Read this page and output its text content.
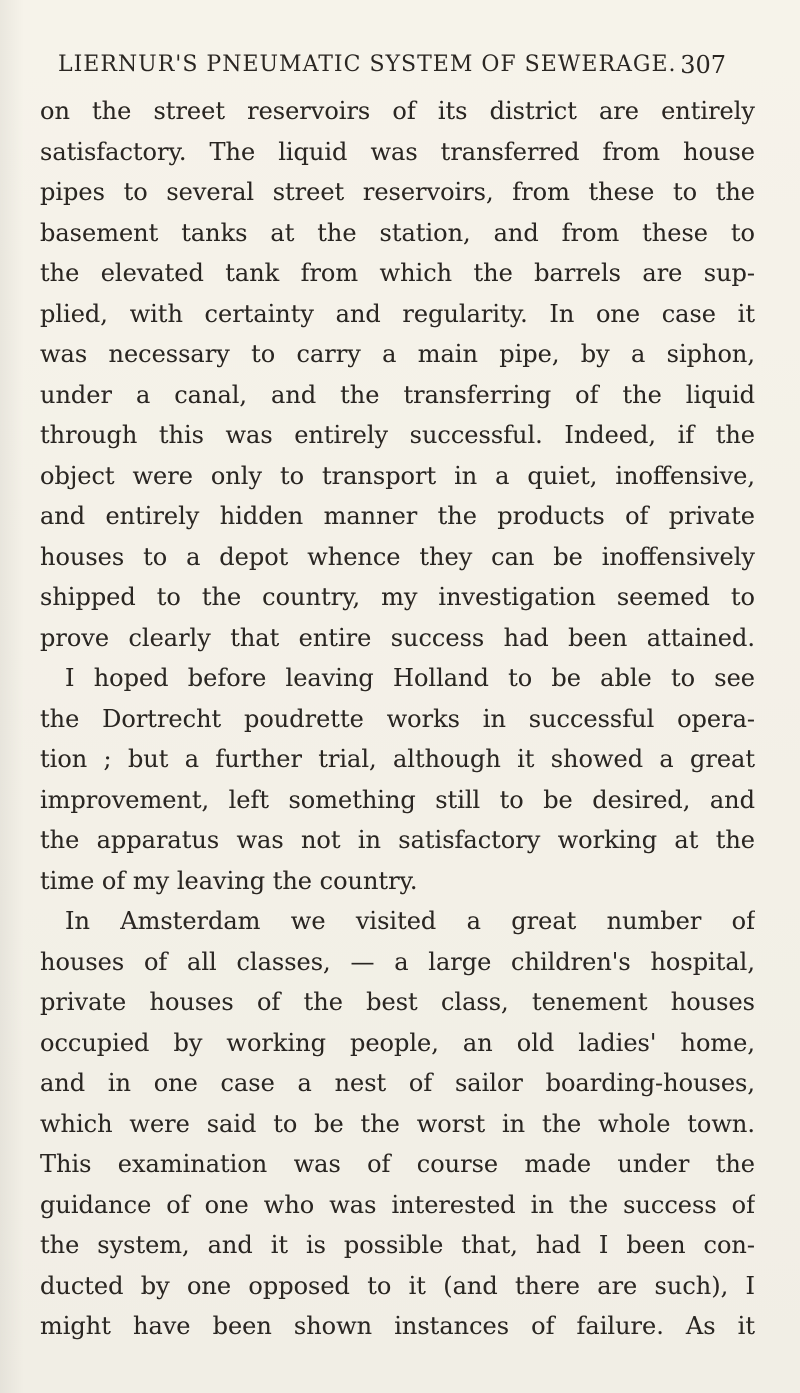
LIERNUR'S PNEUMATIC SYSTEM OF SEWERAGE. 307
on the street reservoirs of its district are entirely
satisfactory. The liquid was transferred from house
pipes to several street reservoirs, from these to the
basement tanks at the station, and from these to
the elevated tank from which the barrels are sup-
plied, with certainty and regularity. In one case it
was necessary to carry a main pipe, by a siphon,
under a canal, and the transferring of the liquid
through this was entirely successful. Indeed, if the
object were only to transport in a quiet, inoffensive,
and entirely hidden manner the products of private
houses to a depot whence they can be inoffensively
shipped to the country, my investigation seemed to
prove clearly that entire success had been attained.
I hoped before leaving Holland to be able to see
the Dortrecht poudrette works in successful opera-
tion ; but a further trial, although it showed a great
improvement, left something still to be desired, and
the apparatus was not in satisfactory working at the
time of my leaving the country.
In Amsterdam we visited a great number of
houses of all classes, — a large children's hospital,
private houses of the best class, tenement houses
occupied by working people, an old ladies' home,
and in one case a nest of sailor boarding-houses,
which were said to be the worst in the whole town.
This examination was of course made under the
guidance of one who was interested in the success of
the system, and it is possible that, had I been con-
ducted by one opposed to it (and there are such), I
might have been shown instances of failure. As it
